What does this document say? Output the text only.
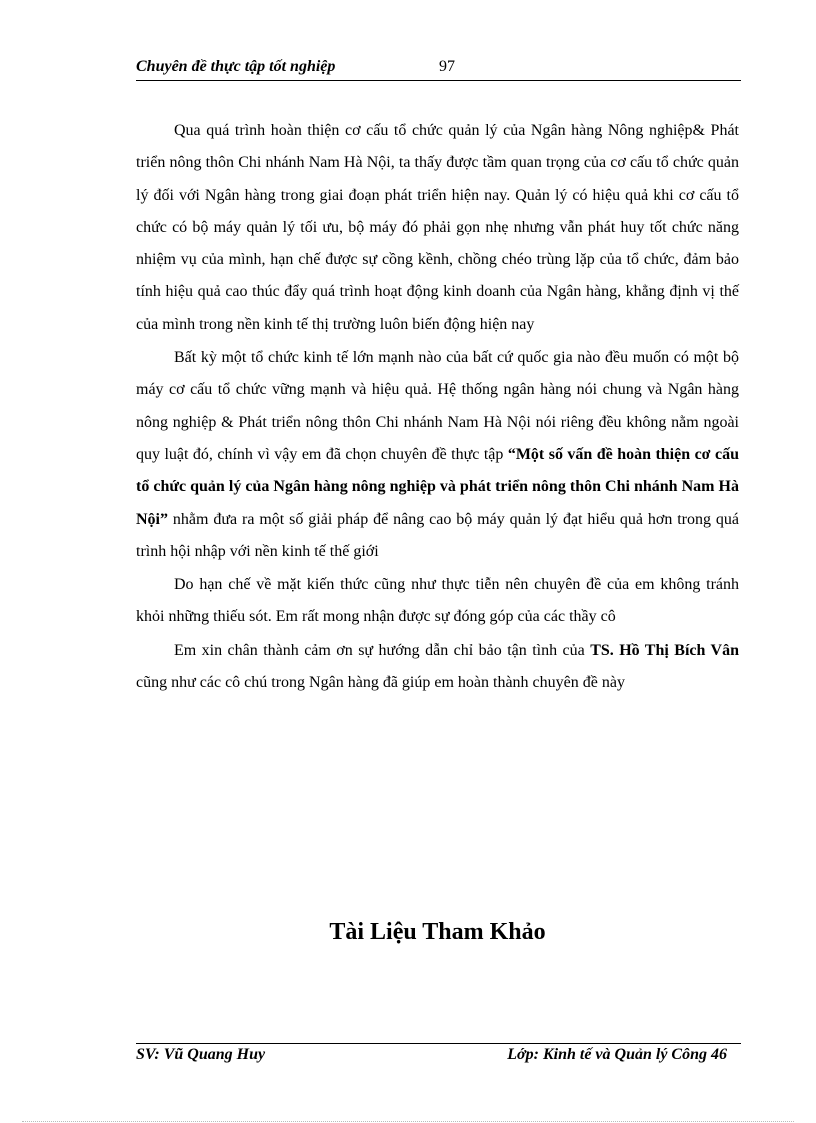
Chuyên đề thực tập tốt nghiệp	97

Qua quá trình hoàn thiện cơ cấu tổ chức quản lý của Ngân hàng Nông nghiệp& Phát triển nông thôn Chi nhánh Nam Hà Nội, ta thấy được tầm quan trọng của cơ cấu tổ chức quản lý đối với Ngân hàng trong giai đoạn phát triển hiện nay. Quản lý có hiệu quả khi cơ cấu tổ chức có bộ máy quản lý tối ưu, bộ máy đó phải gọn nhẹ nhưng vẫn phát huy tốt chức năng nhiệm vụ của mình, hạn chế được sự cồng kềnh, chồng chéo trùng lặp của tổ chức, đảm bảo tính hiệu quả cao thúc đẩy quá trình hoạt động kinh doanh của Ngân hàng, khẳng định vị thế của mình trong nền kinh tế thị trường luôn biến động hiện nay

Bất kỳ một tổ chức kinh tế lớn mạnh nào của bất cứ quốc gia nào đều muốn có một bộ máy cơ cấu tổ chức vững mạnh và hiệu quả. Hệ thống ngân hàng nói chung và Ngân hàng nông nghiệp & Phát triển nông thôn Chi nhánh Nam Hà Nội nói riêng đều không nằm ngoài quy luật đó, chính vì vậy em đã chọn chuyên đề thực tập “Một số vấn đề hoàn thiện cơ cấu tổ chức quản lý của Ngân hàng nông nghiệp và phát triển nông thôn Chi nhánh Nam Hà Nội” nhằm đưa ra một số giải pháp để nâng cao bộ máy quản lý đạt hiểu quả hơn trong quá trình hội nhập với nền kinh tế thế giới

Do hạn chế về mặt kiến thức cũng như thực tiễn nên chuyên đề của em không tránh khỏi những thiếu sót. Em rất mong nhận được sự đóng góp của các thầy cô

Em xin chân thành cảm ơn sự hướng dẫn chỉ bảo tận tình của TS. Hồ Thị Bích Vân cũng như các cô chú trong Ngân hàng đã giúp em hoàn thành chuyên đề này

Tài Liệu Tham Khảo
SV: Vũ Quang Huy	Lớp: Kinh tế và Quản lý Công 46
